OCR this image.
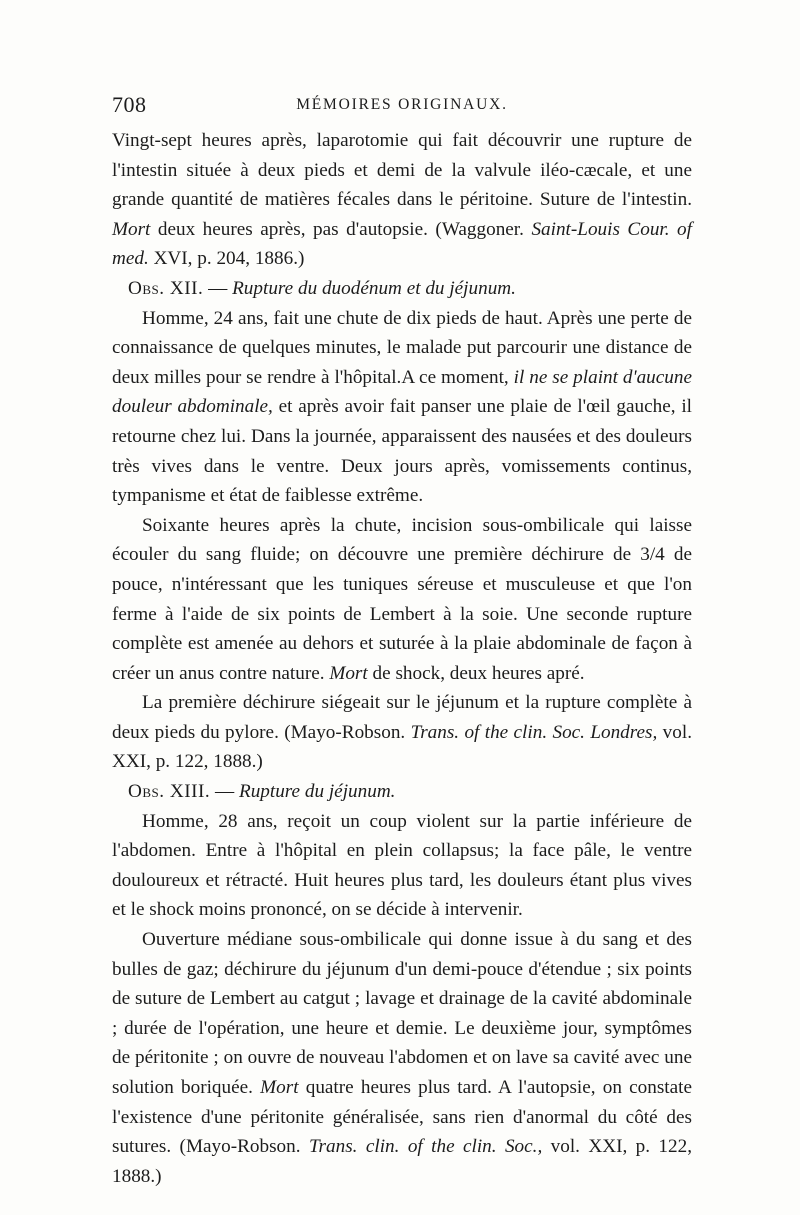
708	MÉMOIRES ORIGINAUX.

Vingt-sept heures après, laparotomie qui fait découvrir une rupture de l'intestin située à deux pieds et demi de la valvule iléo-cæcale, et une grande quantité de matières fécales dans le péritoine. Suture de l'intestin. Mort deux heures après, pas d'autopsie. (Waggoner. Saint-Louis Cour. of med. XVI, p. 204, 1886.)

Obs. XII. — Rupture du duodénum et du jéjunum.

Homme, 24 ans, fait une chute de dix pieds de haut. Après une perte de connaissance de quelques minutes, le malade put parcourir une distance de deux milles pour se rendre à l'hôpital.A ce moment, il ne se plaint d'aucune douleur abdominale, et après avoir fait panser une plaie de l'œil gauche, il retourne chez lui. Dans la journée, apparaissent des nausées et des douleurs très vives dans le ventre. Deux jours après, vomissements continus, tympanisme et état de faiblesse extrême.

Soixante heures après la chute, incision sous-ombilicale qui laisse écouler du sang fluide; on découvre une première déchirure de 3/4 de pouce, n'intéressant que les tuniques séreuse et musculeuse et que l'on ferme à l'aide de six points de Lembert à la soie. Une seconde rupture complète est amenée au dehors et suturée à la plaie abdominale de façon à créer un anus contre nature. Mort de shock, deux heures apré.

La première déchirure siégeait sur le jéjunum et la rupture complète à deux pieds du pylore. (Mayo-Robson. Trans. of the clin. Soc. Londres, vol. XXI, p. 122, 1888.)

Obs. XIII. — Rupture du jéjunum.

Homme, 28 ans, reçoit un coup violent sur la partie inférieure de l'abdomen. Entre à l'hôpital en plein collapsus; la face pâle, le ventre douloureux et rétracté. Huit heures plus tard, les douleurs étant plus vives et le shock moins prononcé, on se décide à intervenir.

Ouverture médiane sous-ombilicale qui donne issue à du sang et des bulles de gaz; déchirure du jéjunum d'un demi-pouce d'étendue ; six points de suture de Lembert au catgut ; lavage et drainage de la cavité abdominale ; durée de l'opération, une heure et demie. Le deuxième jour, symptômes de péritonite ; on ouvre de nouveau l'abdomen et on lave sa cavité avec une solution boriquée. Mort quatre heures plus tard. A l'autopsie, on constate l'existence d'une péritonite généralisée, sans rien d'anormal du côté des sutures. (Mayo-Robson. Trans. clin. of the clin. Soc., vol. XXI, p. 122, 1888.)
